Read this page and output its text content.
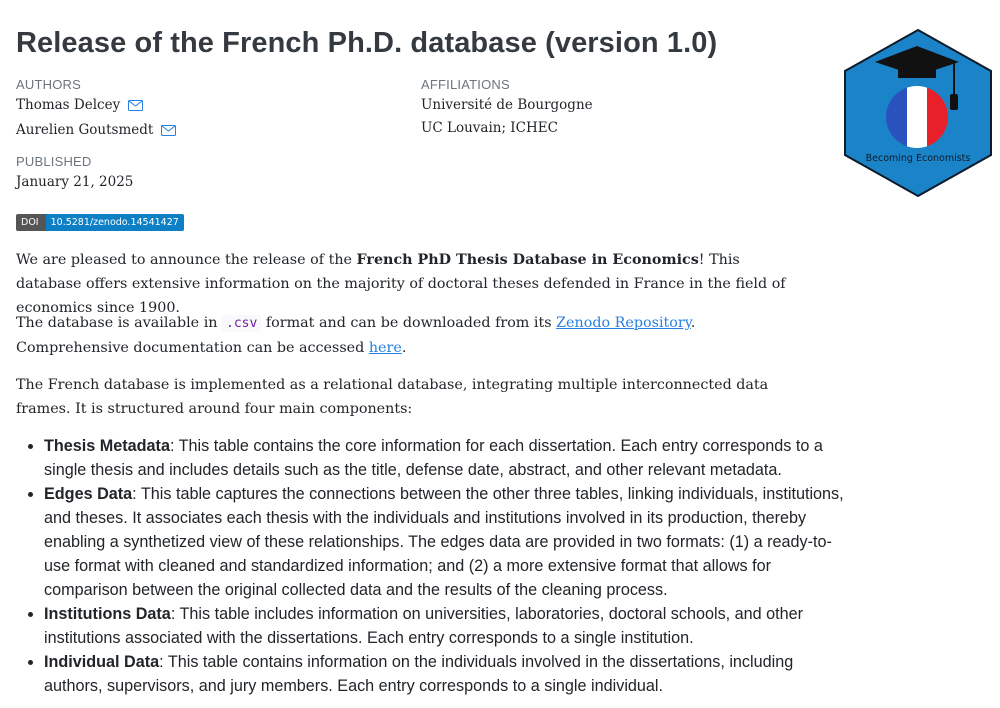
Release of the French Ph.D. database (version 1.0)
AUTHORS
Thomas Delcey
Aurelien Goutsmedt
AFFILIATIONS
Université de Bourgogne
UC Louvain; ICHEC
PUBLISHED
January 21, 2025
DOI	10.5281/zenodo.14541427
Becoming Economists

We are pleased to announce the release of the French PhD Thesis Database in Economics! This database offers extensive information on the majority of doctoral theses defended in France in the field of economics since 1900.

The database is available in .csv format and can be downloaded from its Zenodo Repository. Comprehensive documentation can be accessed here.

The French database is implemented as a relational database, integrating multiple interconnected data frames. It is structured around four main components:

• Thesis Metadata: This table contains the core information for each dissertation. Each entry corresponds to a single thesis and includes details such as the title, defense date, abstract, and other relevant metadata.
• Edges Data: This table captures the connections between the other three tables, linking individuals, institutions, and theses. It associates each thesis with the individuals and institutions involved in its production, thereby enabling a synthetized view of these relationships. The edges data are provided in two formats: (1) a ready-to-use format with cleaned and standardized information; and (2) a more extensive format that allows for comparison between the original collected data and the results of the cleaning process.
• Institutions Data: This table includes information on universities, laboratories, doctoral schools, and other institutions associated with the dissertations. Each entry corresponds to a single institution.
• Individual Data: This table contains information on the individuals involved in the dissertations, including authors, supervisors, and jury members. Each entry corresponds to a single individual.
